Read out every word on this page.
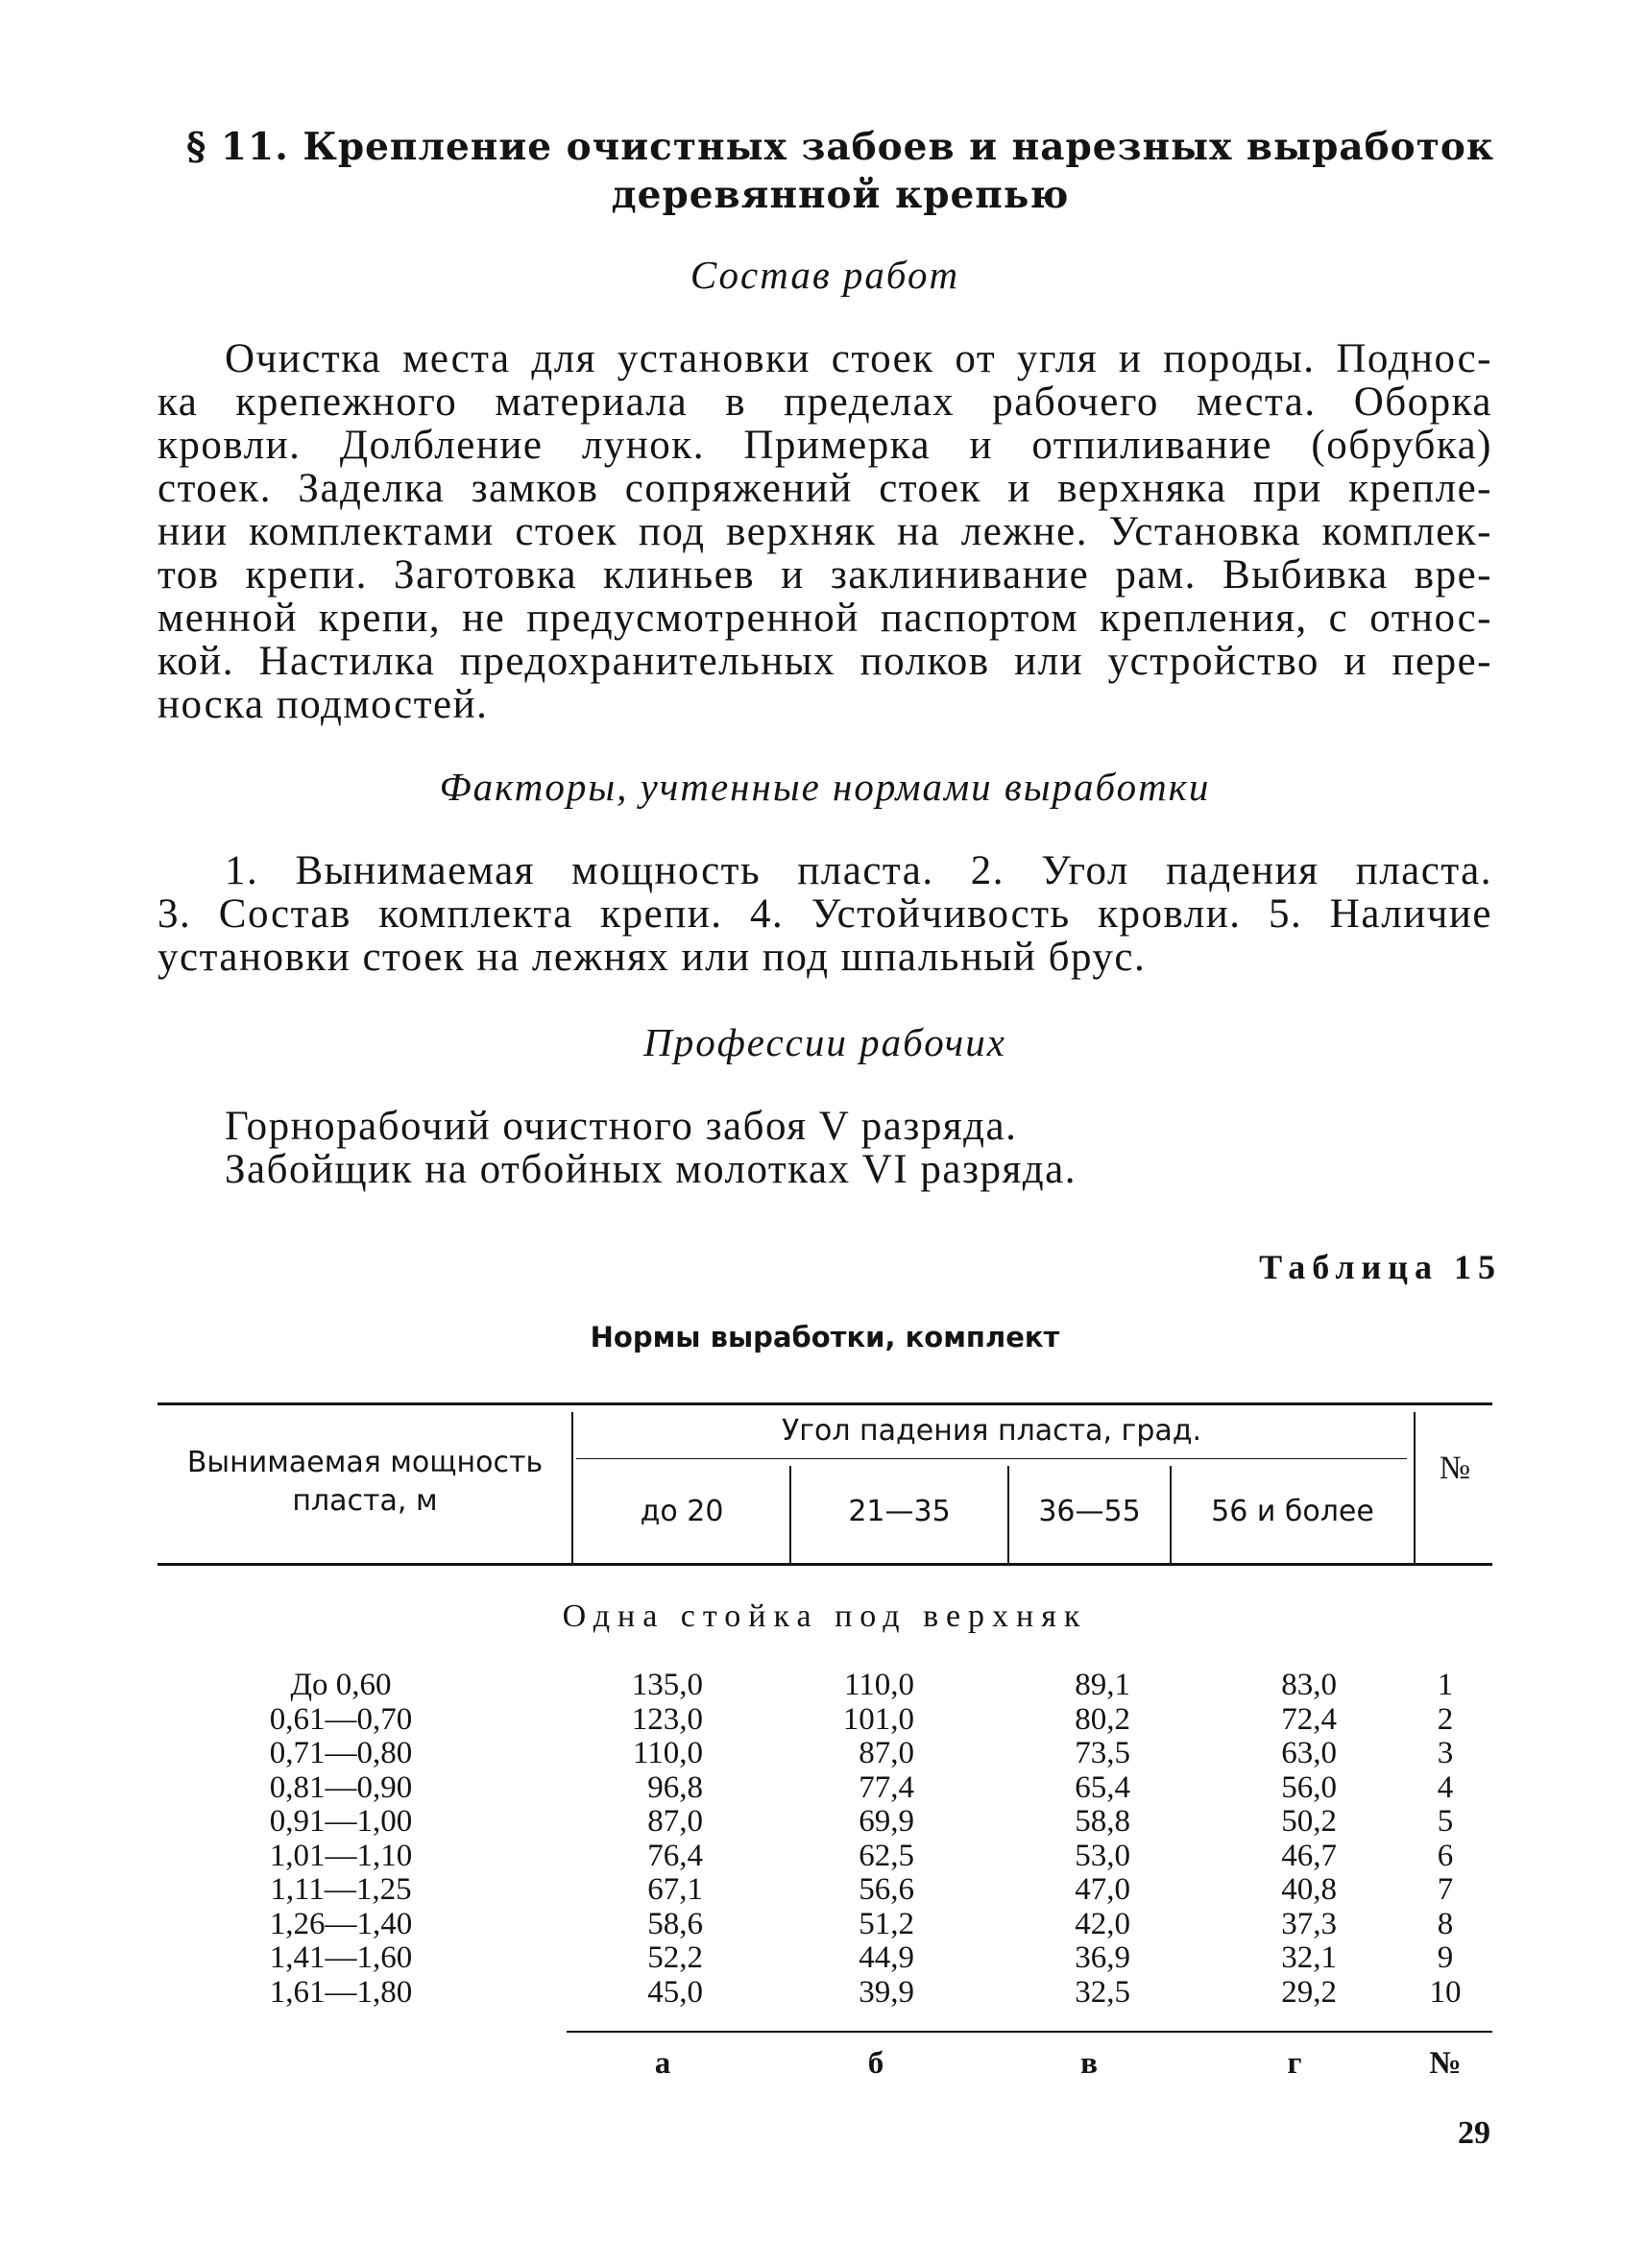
§ 11. Крепление очистных забоев и нарезных выработок
деревянной крепью
Состав работ
Очистка места для установки стоек от угля и породы. Поднос-
ка крепежного материала в пределах рабочего места. Оборка
кровли. Долбление лунок. Примерка и отпиливание (обрубка)
стоек. Заделка замков сопряжений стоек и верхняка при крепле-
нии комплектами стоек под верхняк на лежне. Установка комплек-
тов крепи. Заготовка клиньев и заклинивание рам. Выбивка вре-
менной крепи, не предусмотренной паспортом крепления, с относ-
кой. Настилка предохранительных полков или устройство и пере-
носка подмостей.
Факторы, учтенные нормами выработки
1. Вынимаемая мощность пласта. 2. Угол падения пласта.
3. Состав комплекта крепи. 4. Устойчивость кровли. 5. Наличие
установки стоек на лежнях или под шпальный брус.
Профессии рабочих
Горнорабочий очистного забоя V разряда.
Забойщик на отбойных молотках VI разряда.
Таблица 15
Нормы выработки, комплект
Вынимаемая мощность пласта, м
Угол падения пласта, град.
№
до 20	21—35	36—55	56 и более
Одна стойка под верхняк
До 0,60	135,0	110,0	89,1	83,0	1
0,61—0,70	123,0	101,0	80,2	72,4	2
0,71—0,80	110,0	87,0	73,5	63,0	3
0,81—0,90	96,8	77,4	65,4	56,0	4
0,91—1,00	87,0	69,9	58,8	50,2	5
1,01—1,10	76,4	62,5	53,0	46,7	6
1,11—1,25	67,1	56,6	47,0	40,8	7
1,26—1,40	58,6	51,2	42,0	37,3	8
1,41—1,60	52,2	44,9	36,9	32,1	9
1,61—1,80	45,0	39,9	32,5	29,2	10
а	б	в	г	№
29
